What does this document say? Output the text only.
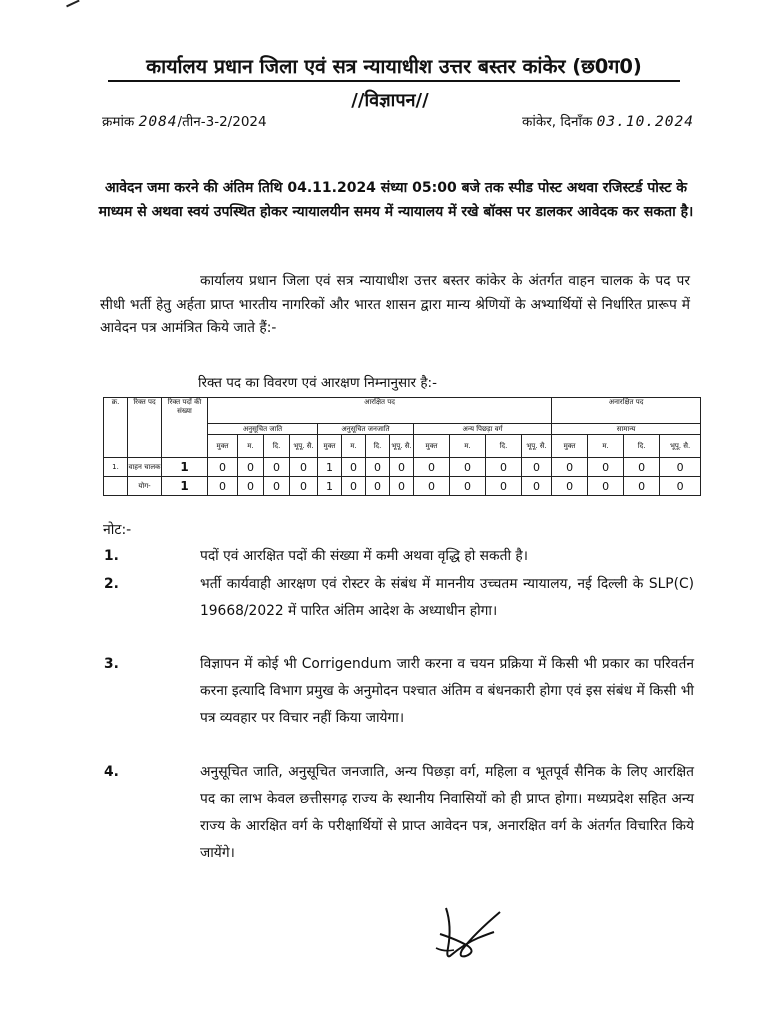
कार्यालय प्रधान जिला एवं सत्र न्यायाधीश उत्तर बस्तर कांकेर (छ0ग0)
//विज्ञापन//
क्रमांक 2084/तीन-3-2/2024	कांकेर, दिनाँक 03.10.2024
आवेदन जमा करने की अंतिम तिथि 04.11.2024 संध्या 05:00 बजे तक स्पीड पोस्ट अथवा रजिस्टर्ड पोस्ट के माध्यम से अथवा स्वयं उपस्थित होकर न्यायालयीन समय में न्यायालय में रखे बॉक्स पर डालकर आवेदक कर सकता है।
कार्यालय प्रधान जिला एवं सत्र न्यायाधीश उत्तर बस्तर कांकेर के अंतर्गत वाहन चालक के पद पर सीधी भर्ती हेतु अर्हता प्राप्त भारतीय नागरिकों और भारत शासन द्वारा मान्य श्रेणियों के अभ्यार्थियों से निर्धारित प्रारूप में आवेदन पत्र आमंत्रित किये जाते हैं:-
रिक्त पद का विवरण एवं आरक्षण निम्नानुसार है:-
क्र.	रिक्त पद	रिक्त पदों की संख्या	आरक्षित पद												अनारक्षित पद			
			अनुसूचित जाति				अनुसूचित जनजाति				अन्य पिछड़ा वर्ग				सामान्य			
			मुक्त	म.	दि.	भूपू. सै.	मुक्त	म.	दि.	भूपू. सै.	मुक्त	म.	दि.	भूपू. सै.	मुक्त	म.	दि.	भूपू. सै.
1.	वाहन चालक	1	0	0	0	0	1	0	0	0	0	0	0	0	0	0	0	0
	योग-	1	0	0	0	0	1	0	0	0	0	0	0	0	0	0	0	0
नोट:-
1.	पदों एवं आरक्षित पदों की संख्या में कमी अथवा वृद्धि हो सकती है।
2.	भर्ती कार्यवाही आरक्षण एवं रोस्टर के संबंध में माननीय उच्चतम न्यायालय, नई दिल्ली के SLP(C) 19668/2022 में पारित अंतिम आदेश के अध्याधीन होगा।
3.	विज्ञापन में कोई भी Corrigendum जारी करना व चयन प्रक्रिया में किसी भी प्रकार का परिवर्तन करना इत्यादि विभाग प्रमुख के अनुमोदन पश्चात अंतिम व बंधनकारी होगा एवं इस संबंध में किसी भी पत्र व्यवहार पर विचार नहीं किया जायेगा।
4.	अनुसूचित जाति, अनुसूचित जनजाति, अन्य पिछड़ा वर्ग, महिला व भूतपूर्व सैनिक के लिए आरक्षित पद का लाभ केवल छत्तीसगढ़ राज्य के स्थानीय निवासियों को ही प्राप्त होगा। मध्यप्रदेश सहित अन्य राज्य के आरक्षित वर्ग के परीक्षार्थियों से प्राप्त आवेदन पत्र, अनारक्षित वर्ग के अंतर्गत विचारित किये जायेंगे।
